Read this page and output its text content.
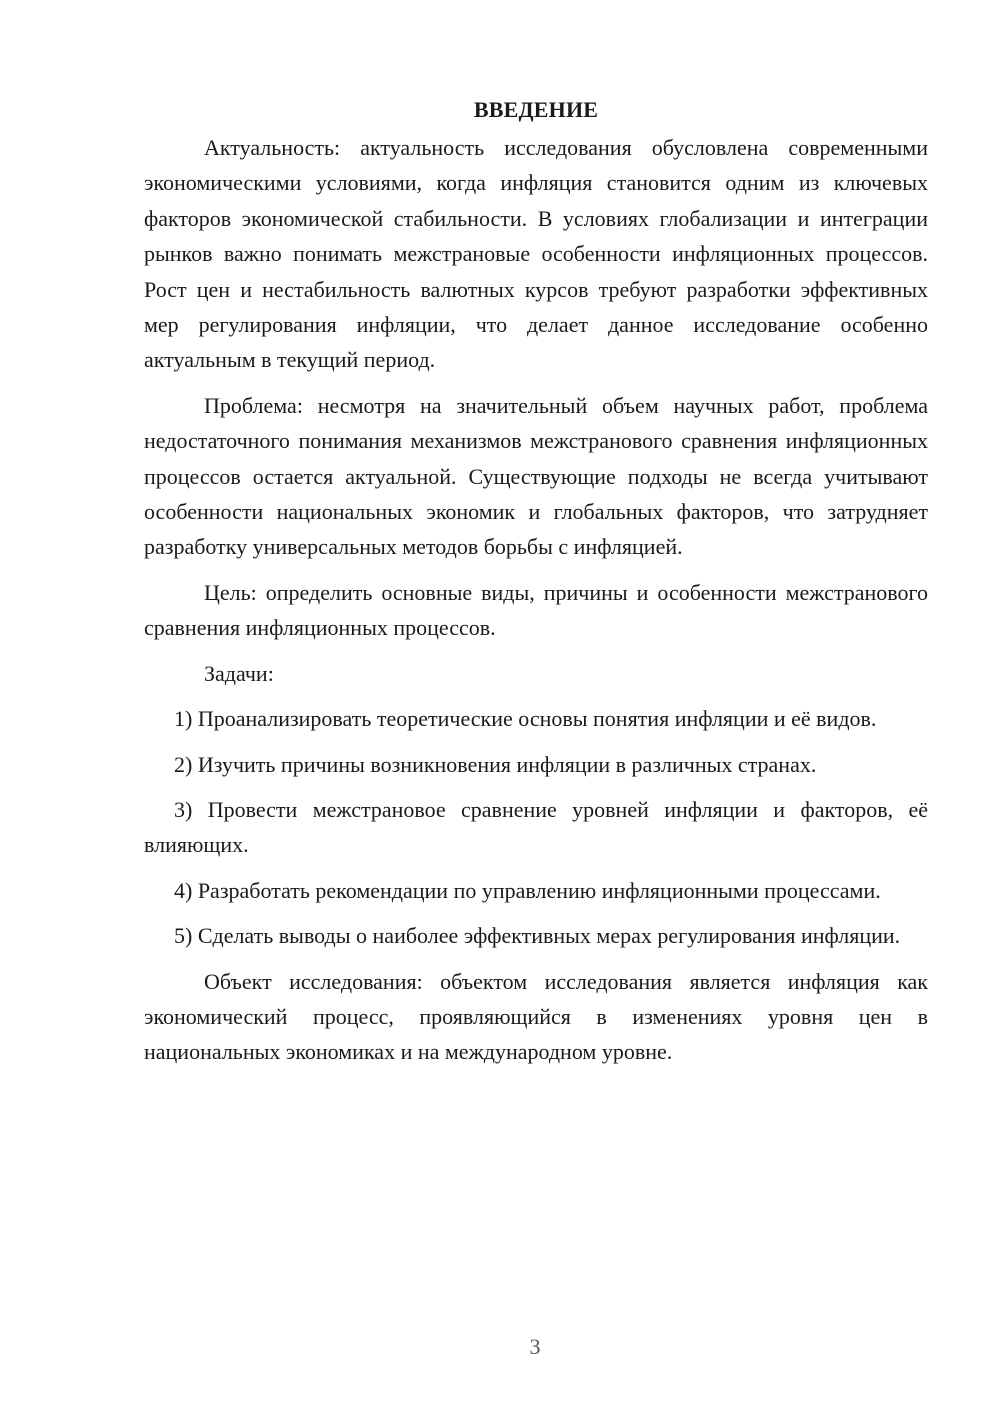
ВВЕДЕНИЕ

Актуальность: актуальность исследования обусловлена современными экономическими условиями, когда инфляция становится одним из ключевых факторов экономической стабильности. В условиях глобализации и интеграции рынков важно понимать межстрановые особенности инфляционных процессов. Рост цен и нестабильность валютных курсов требуют разработки эффективных мер регулирования инфляции, что делает данное исследование особенно актуальным в текущий период.

Проблема: несмотря на значительный объем научных работ, проблема недостаточного понимания механизмов межстранового сравнения инфляционных процессов остается актуальной. Существующие подходы не всегда учитывают особенности национальных экономик и глобальных факторов, что затрудняет разработку универсальных методов борьбы с инфляцией.

Цель: определить основные виды, причины и особенности межстранового сравнения инфляционных процессов.

Задачи:

1) Проанализировать теоретические основы понятия инфляции и её видов.

2) Изучить причины возникновения инфляции в различных странах.

3) Провести межстрановое сравнение уровней инфляции и факторов, её влияющих.

4) Разработать рекомендации по управлению инфляционными процессами.

5) Сделать выводы о наиболее эффективных мерах регулирования инфляции.

Объект исследования: объектом исследования является инфляция как экономический процесс, проявляющийся в изменениях уровня цен в национальных экономиках и на международном уровне.

3
